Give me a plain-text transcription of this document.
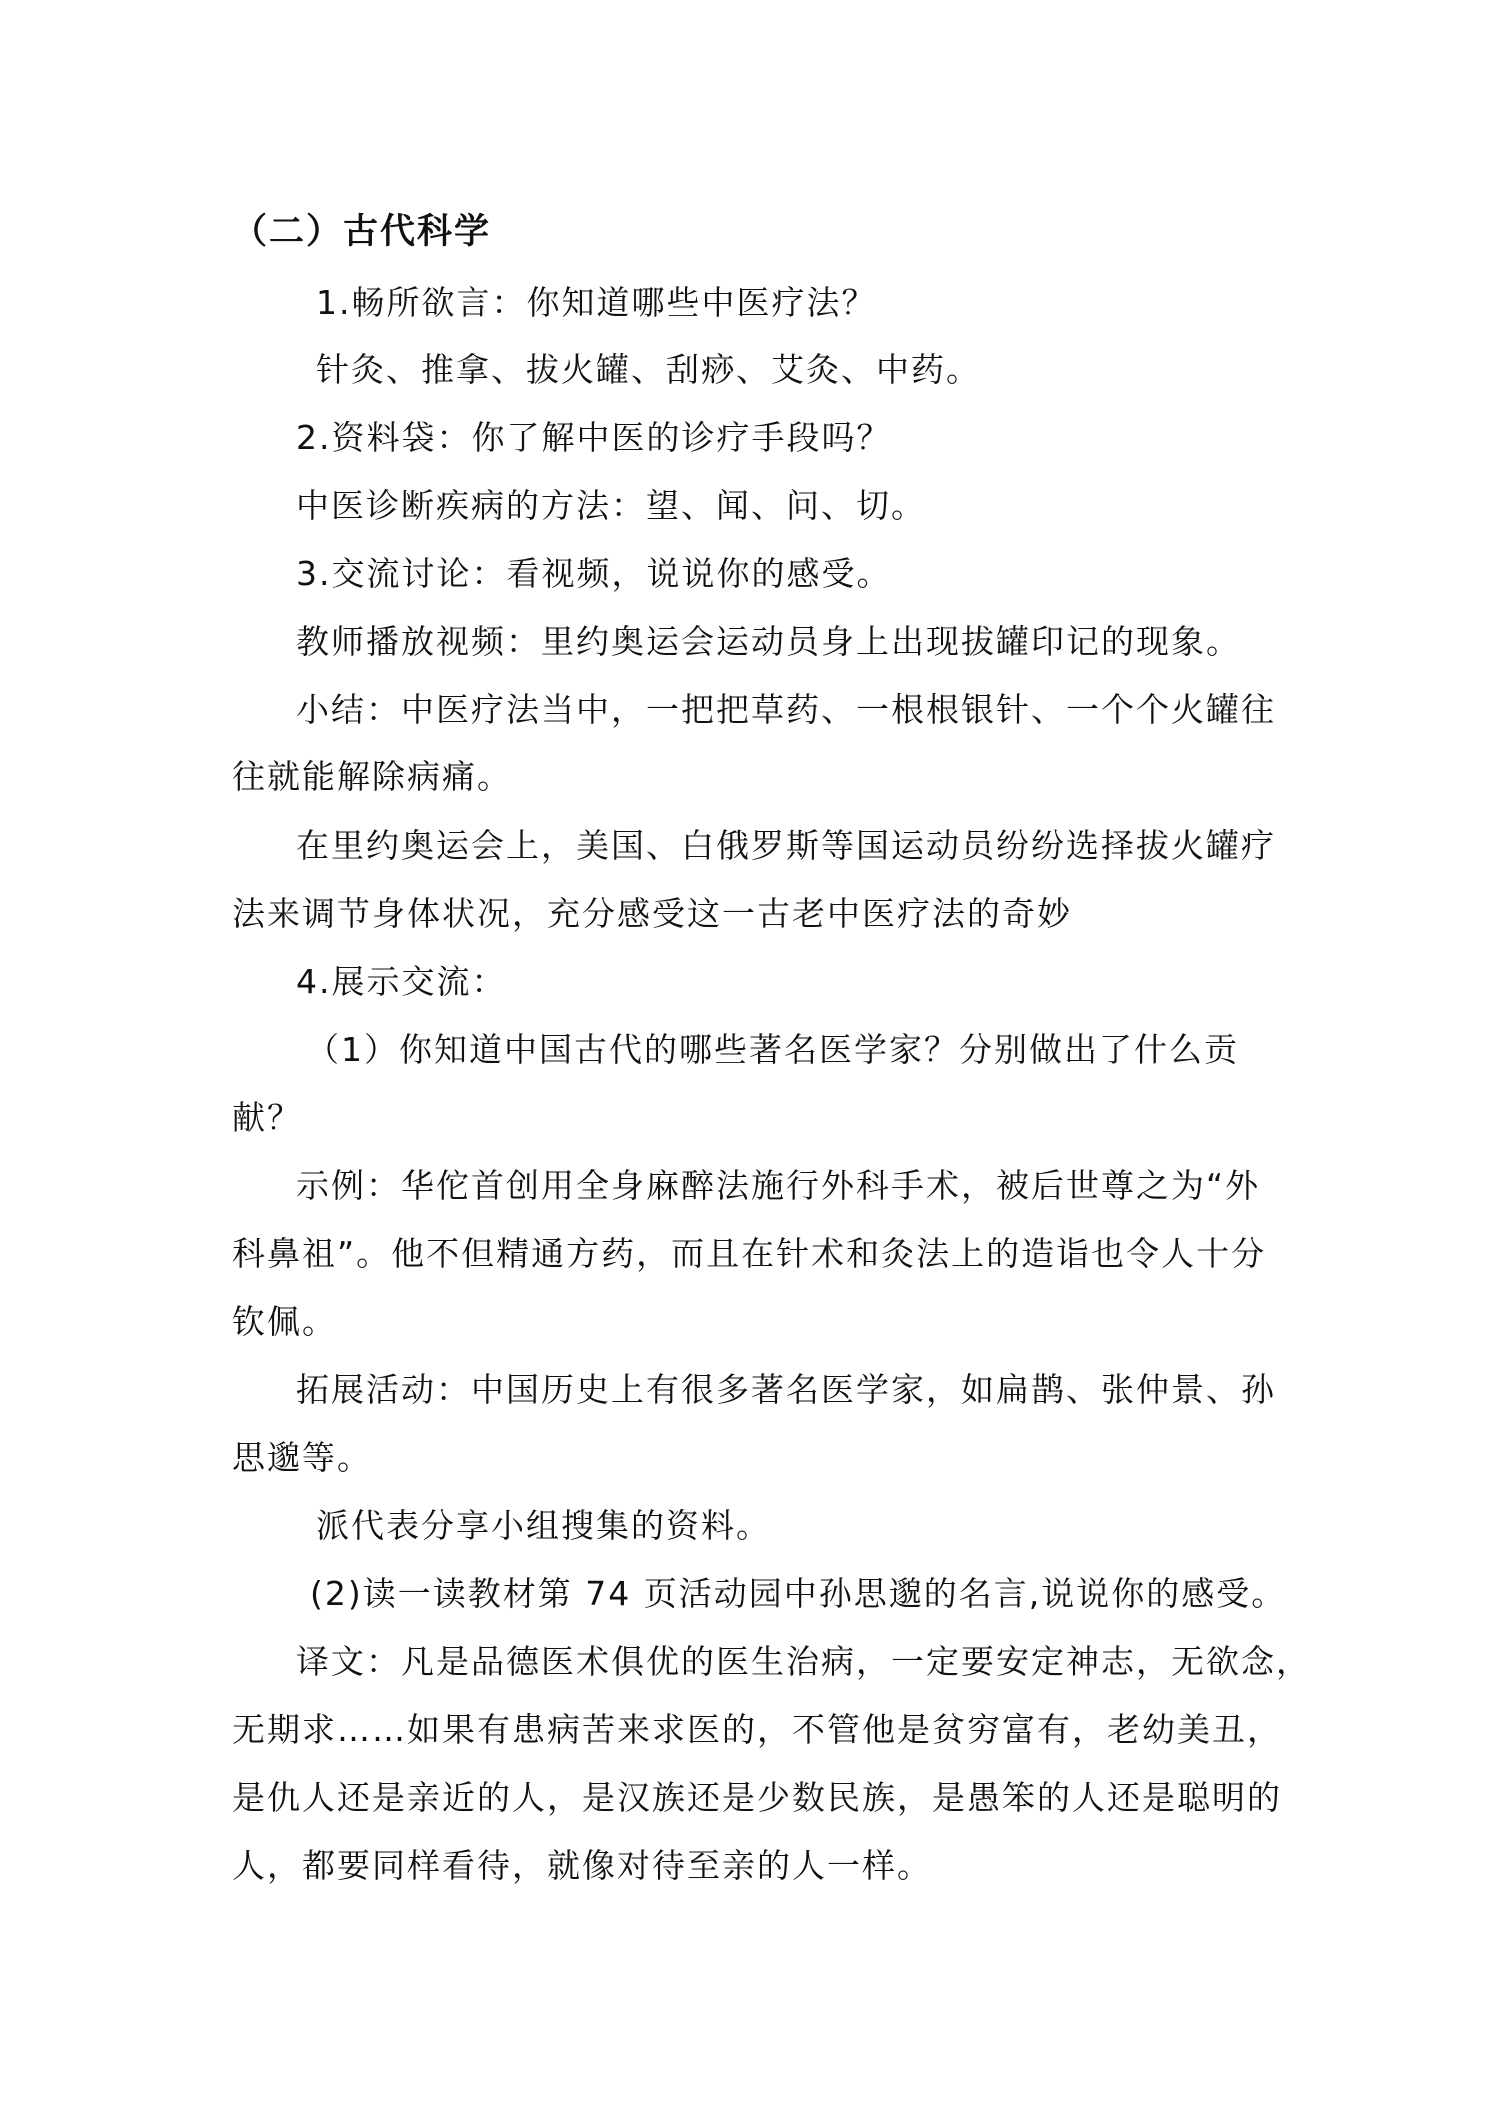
（二）古代科学
1.畅所欲言：你知道哪些中医疗法？
针灸、推拿、拔火罐、刮痧、艾灸、中药。
2.资料袋：你了解中医的诊疗手段吗？
中医诊断疾病的方法：望、闻、问、切。
3.交流讨论：看视频，说说你的感受。
教师播放视频：里约奥运会运动员身上出现拔罐印记的现象。
小结：中医疗法当中，一把把草药、一根根银针、一个个火罐往
往就能解除病痛。
在里约奥运会上，美国、白俄罗斯等国运动员纷纷选择拔火罐疗
法来调节身体状况，充分感受这一古老中医疗法的奇妙
4.展示交流：
（1）你知道中国古代的哪些著名医学家？分别做出了什么贡
献？
示例：华佗首创用全身麻醉法施行外科手术，被后世尊之为“外
科鼻祖”。他不但精通方药，而且在针术和灸法上的造诣也令人十分
钦佩。
拓展活动：中国历史上有很多著名医学家，如扁鹊、张仲景、孙
思邈等。
派代表分享小组搜集的资料。
(2)读一读教材第 74 页活动园中孙思邈的名言,说说你的感受。
译文：凡是品德医术俱优的医生治病，一定要安定神志，无欲念，
无期求……如果有患病苦来求医的，不管他是贫穷富有，老幼美丑，
是仇人还是亲近的人，是汉族还是少数民族，是愚笨的人还是聪明的
人，都要同样看待，就像对待至亲的人一样。
